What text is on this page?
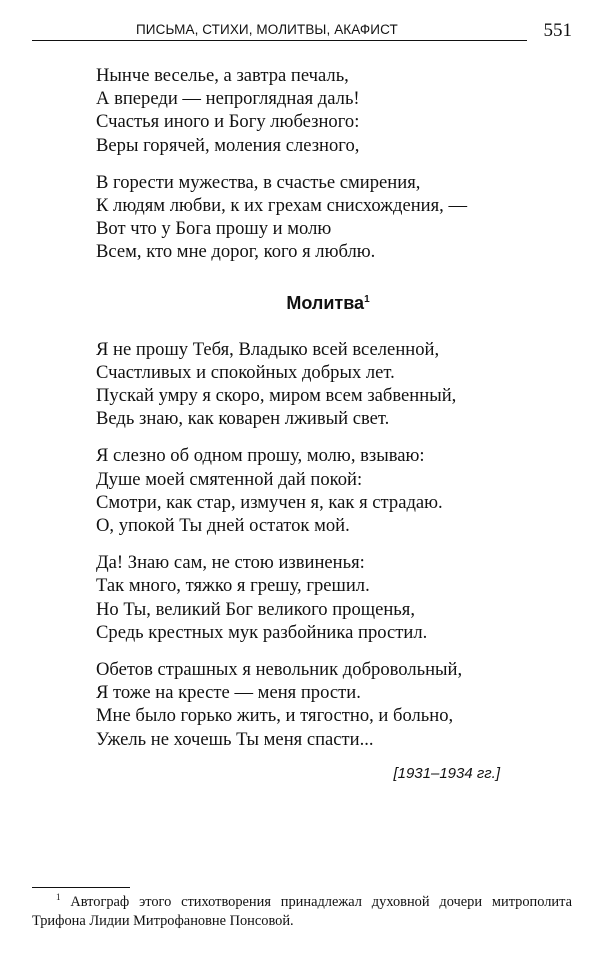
ПИСЬМА, СТИХИ, МОЛИТВЫ, АКАФИСТ	551
Нынче веселье, а завтра печаль,
А впереди — непроглядная даль!
Счастья иного и Богу любезного:
Веры горячей, моления слезного,
В горести мужества, в счастье смирения,
К людям любви, к их грехам снисхождения, —
Вот что у Бога прошу и молю
Всем, кто мне дорог, кого я люблю.
Молитва$^1$
Я не прошу Тебя, Владыко всей вселенной,
Счастливых и спокойных добрых лет.
Пускай умру я скоро, миром всем забвенный,
Ведь знаю, как коварен лживый свет.
Я слезно об одном прошу, молю, взываю:
Душе моей смятенной дай покой:
Смотри, как стар, измучен я, как я страдаю.
О, упокой Ты дней остаток мой.
Да! Знаю сам, не стою извиненья:
Так много, тяжко я грешу, грешил.
Но Ты, великий Бог великого прощенья,
Средь крестных мук разбойника простил.
Обетов страшных я невольник добровольный,
Я тоже на кресте — меня прости.
Мне было горько жить, и тягостно, и больно,
Ужель не хочешь Ты меня спасти...
[1931–1934 гг.]
$^1$ Автограф этого стихотворения принадлежал духовной дочери митрополита Трифона Лидии Митрофановне Понсовой.
